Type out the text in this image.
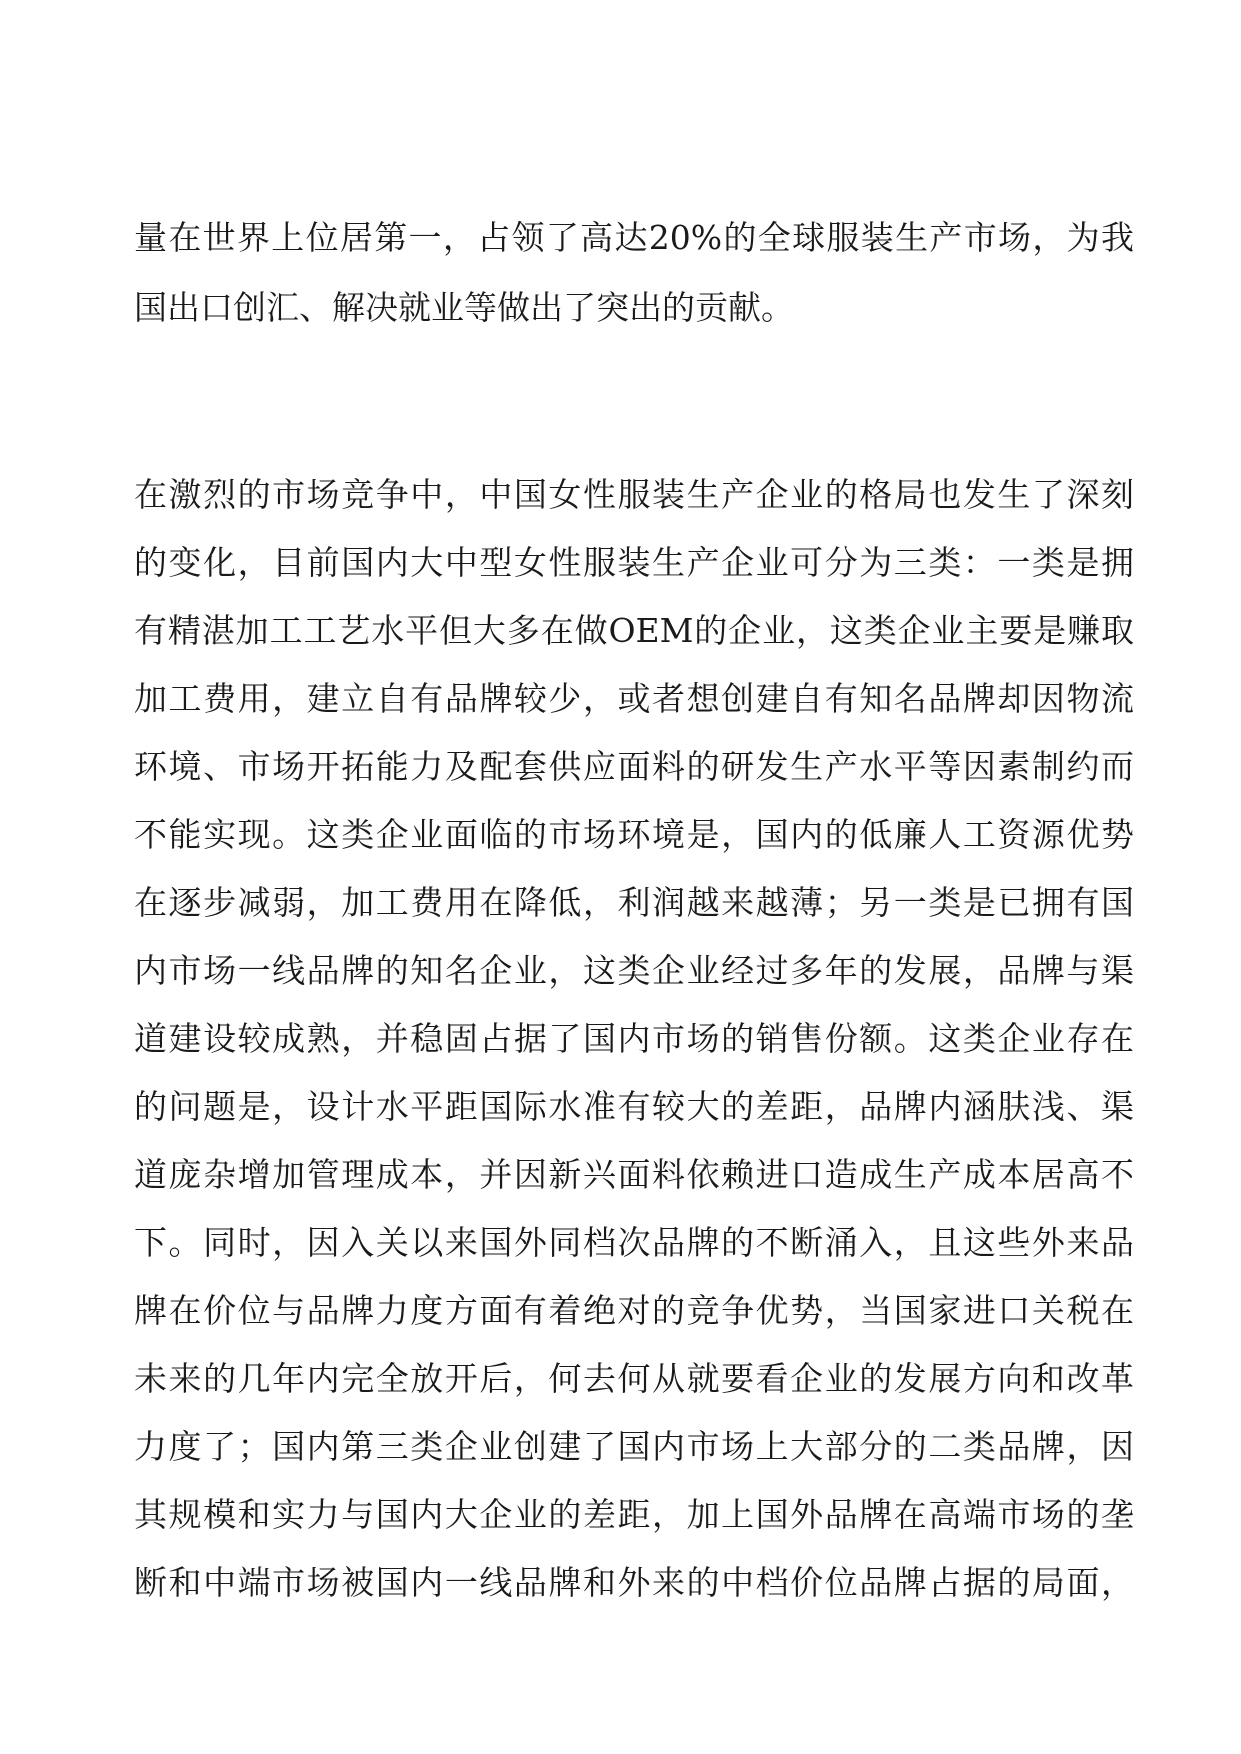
量在世界上位居第一，占领了高达20%的全球服装生产市场，为我
国出口创汇、解决就业等做出了突出的贡献。
在激烈的市场竞争中，中国女性服装生产企业的格局也发生了深刻
的变化，目前国内大中型女性服装生产企业可分为三类：一类是拥
有精湛加工工艺水平但大多在做OEM的企业，这类企业主要是赚取
加工费用，建立自有品牌较少，或者想创建自有知名品牌却因物流
环境、市场开拓能力及配套供应面料的研发生产水平等因素制约而
不能实现。这类企业面临的市场环境是，国内的低廉人工资源优势
在逐步减弱，加工费用在降低，利润越来越薄；另一类是已拥有国
内市场一线品牌的知名企业，这类企业经过多年的发展，品牌与渠
道建设较成熟，并稳固占据了国内市场的销售份额。这类企业存在
的问题是，设计水平距国际水准有较大的差距，品牌内涵肤浅、渠
道庞杂增加管理成本，并因新兴面料依赖进口造成生产成本居高不
下。同时，因入关以来国外同档次品牌的不断涌入，且这些外来品
牌在价位与品牌力度方面有着绝对的竞争优势，当国家进口关税在
未来的几年内完全放开后，何去何从就要看企业的发展方向和改革
力度了；国内第三类企业创建了国内市场上大部分的二类品牌，因
其规模和实力与国内大企业的差距，加上国外品牌在高端市场的垄
断和中端市场被国内一线品牌和外来的中档价位品牌占据的局面，
